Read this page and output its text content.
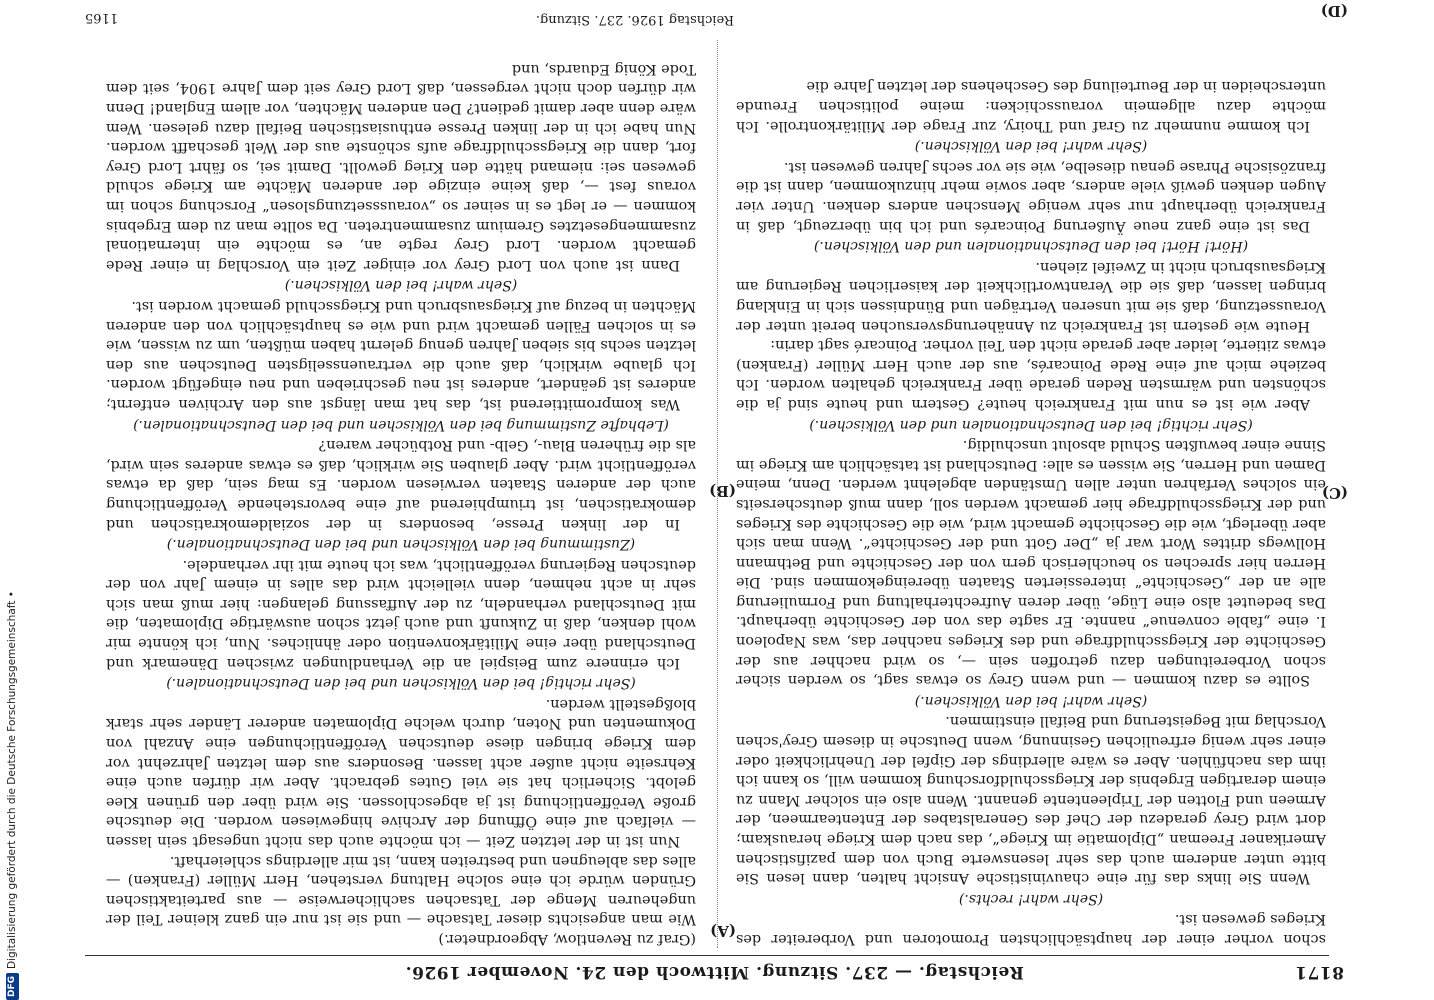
8171
Reichstag. — 237. Sitzung. Mittwoch den 24. November 1926.
(C)
(D)
(A)
(B)

schon vorher einer der hauptsächlichsten Promotoren und Vorbereiter des Krieges gewesen ist.

(Sehr wahr! rechts.)

Wenn Sie links das für eine chauvinistische Ansicht halten, dann lesen Sie bitte unter anderem auch das sehr lesenswerte Buch von dem pazifistischen Amerikaner Freeman „Diplomatie im Kriege“, das nach dem Kriege herauskam; dort wird Grey geradezu der Chef des Generalstabes der Ententearmeen, der Armeen und Flotten der Tripleentente genannt. Wenn also ein solcher Mann zu einem derartigen Ergebnis der Kriegsschuldforschung kommen will, so kann ich ihm das nachfühlen. Aber es wäre allerdings der Gipfel der Unehrlichkeit oder einer sehr wenig erfreulichen Gesinnung, wenn Deutsche in diesem Grey'schen Vorschlag mit Begeisterung und Beifall einstimmen.

(Sehr wahr! bei den Völkischen.)

Sollte es dazu kommen — und wenn Grey so etwas sagt, so werden sicher schon Vorbereitungen dazu getroffen sein —, so wird nachher aus der Geschichte der Kriegsschuldfrage und des Krieges nachher das, was Napoleon I. eine „fable convenue“ nannte. Er sagte das von der Geschichte überhaupt. Das bedeutet also eine Lüge, über deren Aufrechterhaltung und Formulierung alle an der „Geschichte“ interessierten Staaten übereingekommen sind. Die Herren hier sprechen so heuchlerisch gern von der Geschichte und Bethmann Hollwegs drittes Wort war ja „Der Gott und der Geschichte“. Wenn man sich aber überlegt, wie die Geschichte gemacht wird, wie die Geschichte des Krieges und der Kriegsschuldfrage hier gemacht werden soll, dann muß deutscherseits ein solches Verfahren unter allen Umständen abgelehnt werden. Denn, meine Damen und Herren, Sie wissen es alle: Deutschland ist tatsächlich am Kriege im Sinne einer bewußten Schuld absolut unschuldig.

(Sehr richtig! bei den Deutschnationalen und den Völkischen.)

Aber wie ist es nun mit Frankreich heute? Gestern und heute sind ja die schönsten und wärmsten Reden gerade über Frankreich gehalten worden. Ich beziehe mich auf eine Rede Poincarés, aus der auch Herr Müller (Franken) etwas zitierte, leider aber gerade nicht den Teil vorher. Poincaré sagt darin:

Heute wie gestern ist Frankreich zu Annäherungsversuchen bereit unter der Voraussetzung, daß sie mit unseren Verträgen und Bündnissen sich in Einklang bringen lassen, daß sie die Verantwortlichkeit der kaiserlichen Regierung am Kriegsausbruch nicht in Zweifel ziehen.

(Hört! Hört! bei den Deutschnationalen und den Völkischen.)

Das ist eine ganz neue Äußerung Poincarés und ich bin überzeugt, daß in Frankreich überhaupt nur sehr wenige Menschen anders denken. Unter vier Augen denken gewiß viele anders, aber sowie mehr hinzukommen, dann ist die französische Phrase genau dieselbe, wie sie vor sechs Jahren gewesen ist.

(Sehr wahr! bei den Völkischen.)

Ich komme nunmehr zu Graf und Thoiry, zur Frage der Militärkontrolle. Ich möchte dazu allgemein vorausschicken: meine politischen Freunde unterscheiden in der Beurteilung des Geschehens der letzten Jahre die

(Graf zu Reventlow, Abgeordneter.)

Wie man angesichts dieser Tatsache — und sie ist nur ein ganz kleiner Teil der ungeheuren Menge der Tatsachen sachlicherweise — aus parteitaktischen Gründen würde ich eine solche Haltung verstehen, Herr Müller (Franken) — alles das ableugnen und bestreiten kann, ist mir allerdings schleierhaft.

Nun ist in der letzten Zeit — ich möchte auch das nicht ungesagt sein lassen — vielfach auf eine Öffnung der Archive hingewiesen worden. Die deutsche große Veröffentlichung ist ja abgeschlossen. Sie wird über den grünen Klee gelobt. Sicherlich hat sie viel Gutes gebracht. Aber wir dürfen auch eine Kehrseite nicht außer acht lassen. Besonders aus dem letzten Jahrzehnt vor dem Kriege bringen diese deutschen Veröffentlichungen eine Anzahl von Dokumenten und Noten, durch welche Diplomaten anderer Länder sehr stark bloßgestellt werden.

(Sehr richtig! bei den Völkischen und bei den Deutschnationalen.)

Ich erinnere zum Beispiel an die Verhandlungen zwischen Dänemark und Deutschland über eine Militärkonvention oder ähnliches. Nun, ich könnte mir wohl denken, daß in Zukunft und auch jetzt schon auswärtige Diplomaten, die mit Deutschland verhandeln, zu der Auffassung gelangen: hier muß man sich sehr in acht nehmen, denn vielleicht wird das alles in einem Jahr von der deutschen Regierung veröffentlicht, was ich heute mit ihr verhandele.

(Zustimmung bei den Völkischen und bei den Deutschnationalen.)

In der linken Presse, besonders in der sozialdemokratischen und demokratischen, ist triumphierend auf eine bevorstehende Veröffentlichung auch der anderen Staaten verwiesen worden. Es mag sein, daß da etwas veröffentlicht wird. Aber glauben Sie wirklich, daß es etwas anderes sein wird, als die früheren Blau-, Gelb- und Rotbücher waren?

(Lebhafte Zustimmung bei den Völkischen und bei den Deutschnationalen.)

Was kompromittierend ist, das hat man längst aus den Archiven entfernt; anderes ist geändert, anderes ist neu geschrieben und neu eingefügt worden. Ich glaube wirklich, daß auch die vertrauensseligsten Deutschen aus den letzten sechs bis sieben Jahren genug gelernt haben müßten, um zu wissen, wie es in solchen Fällen gemacht wird und wie es hauptsächlich von den anderen Mächten in bezug auf Kriegsausbruch und Kriegsschuld gemacht worden ist.

(Sehr wahr! bei den Völkischen.)

Dann ist auch von Lord Grey vor einiger Zeit ein Vorschlag in einer Rede gemacht worden. Lord Grey regte an, es möchte ein international zusammengesetztes Gremium zusammentreten. Da sollte man zu dem Ergebnis kommen — er legt es in seiner so „vorausssetzungslosen“ Forschung schon im voraus fest —, daß keine einzige der anderen Mächte am Kriege schuld gewesen sei: niemand hätte den Krieg gewollt. Damit sei, so fährt Lord Grey fort, dann die Kriegsschuldfrage aufs schönste aus der Welt geschafft worden. Nun habe ich in der linken Presse enthusiastischen Beifall dazu gelesen. Wem wäre denn aber damit gedient? Den anderen Mächten, vor allem England! Denn wir dürfen doch nicht vergessen, daß Lord Grey seit dem Jahre 1904, seit dem Tode König Eduards, und

Reichstag 1926. 237. Sitzung.
1165
DFG
Digitalisierung gefördert durch die Deutsche Forschungsgemeinschaft •
